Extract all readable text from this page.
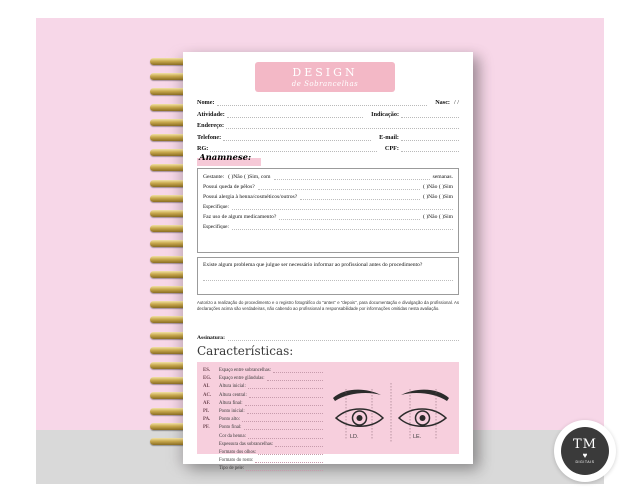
DESIGN
de Sobrancelhas
Nome:	Nasc: / /
Atividade:	Indicação:
Endereço:
Telefone:	E-mail:
RG:	CPF:
Anamnese:
Gestante: ( )Não ( )Sim, com	semanas.
Possui queda de pêlos?	( )Não ( )Sim
Possui alergia à henna/cosméticos/outros?	( )Não ( )Sim
Especifique:
Faz uso de algum medicamento?	( )Não ( )Sim
Especifique:
Existe algum problema que julgue ser necessário informar ao profissional antes do procedimento?
Autorizo a realização do procedimento e o registro fotográfico do "antes" e "depois", para documentação e divulgação da profissional. As declarações acima são verdadeiras, não cabendo ao profissional a responsabilidade por informações omitidas nesta avaliação.
Assinatura:
Características:
ES.	Espaço entre sobrancelhas:
EG.	Espaço entre glândulas:
AI.	Altura inicial:
AC.	Altura central:
AF.	Altura final:
PI.	Ponto inicial:
PA.	Ponto alto:
PF.	Ponto final:
Cor da henna:
Espessura das sobrancelhas:
Formato dos olhos:
Formato do rosto:
Tipo de pele:
LD.	LE.	TM
♥
DIGITAIS
